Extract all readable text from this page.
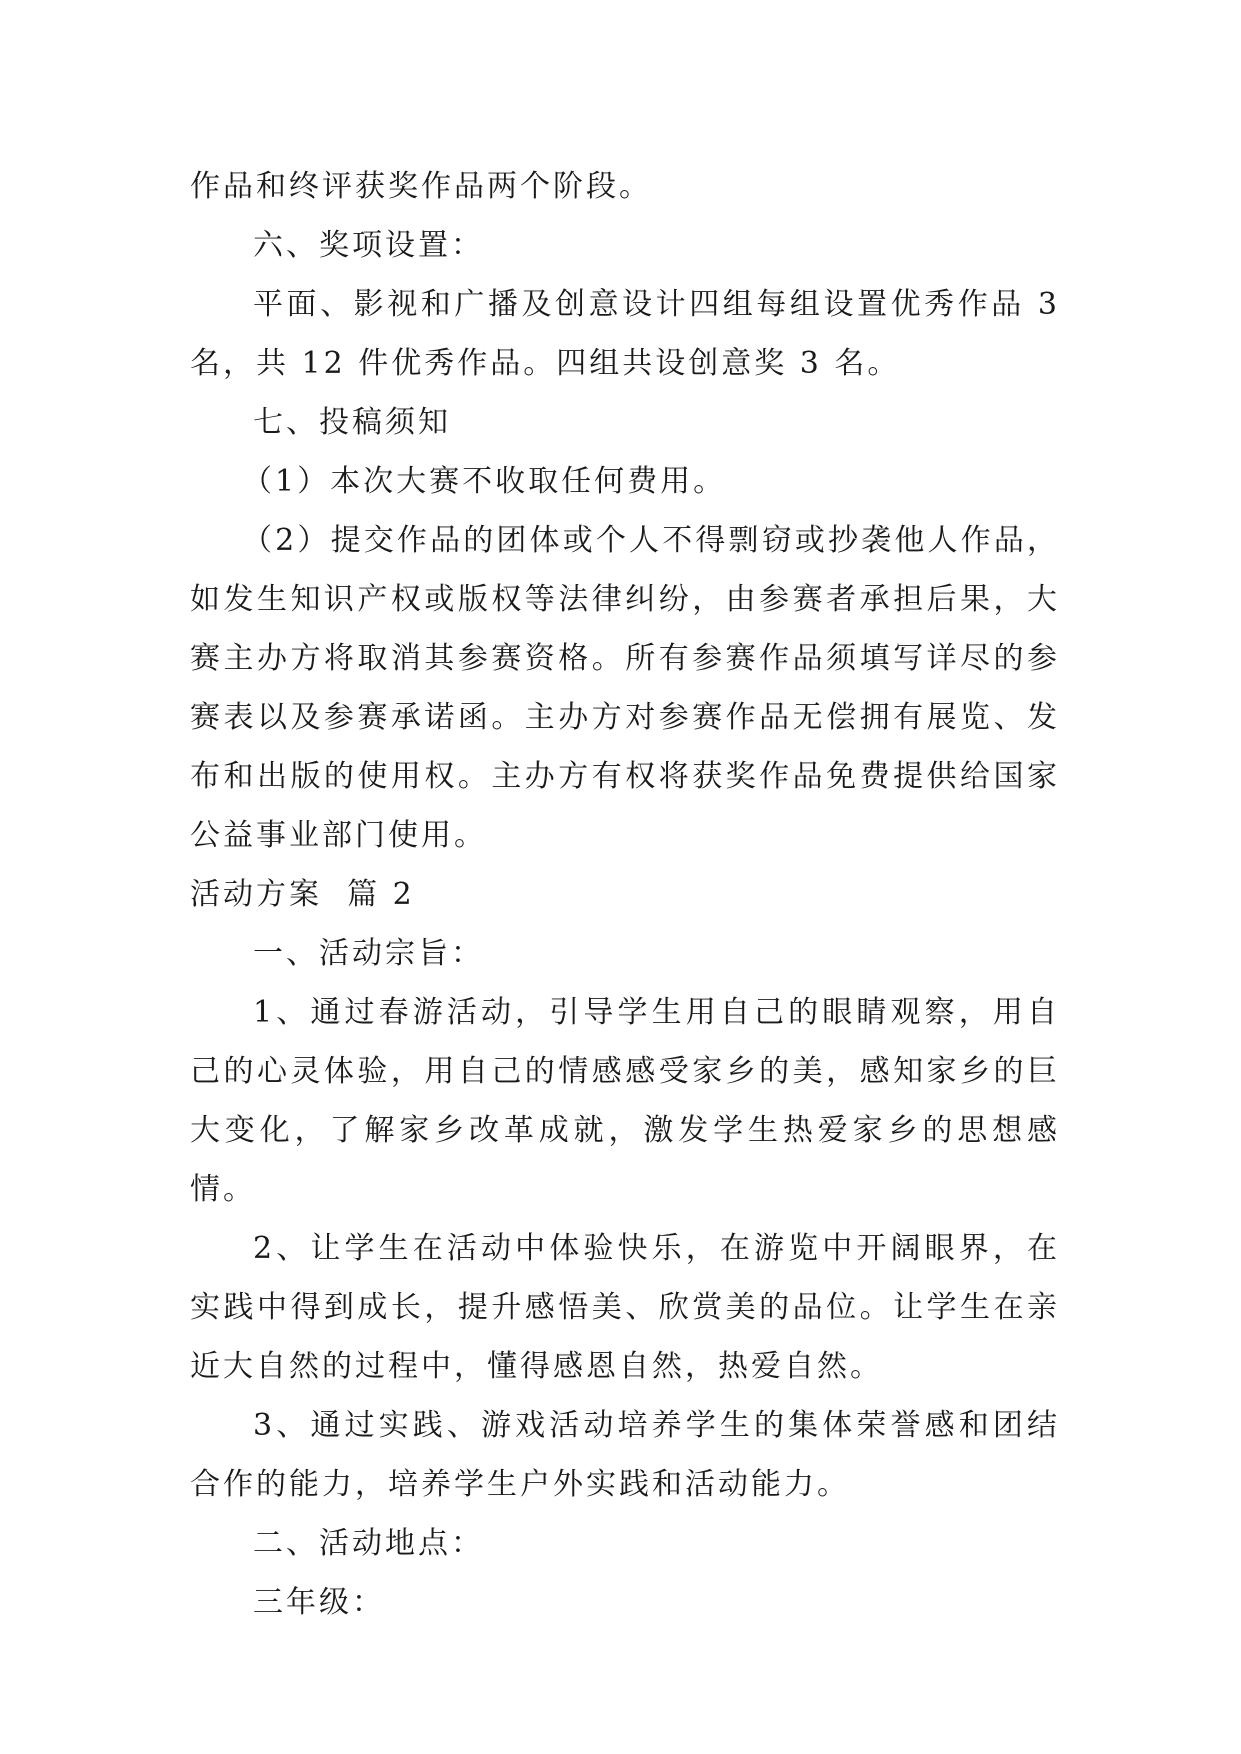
作品和终评获奖作品两个阶段。

六、奖项设置：

平面、影视和广播及创意设计四组每组设置优秀作品 3 名，共 12 件优秀作品。四组共设创意奖 3 名。

七、投稿须知

（1）本次大赛不收取任何费用。

（2）提交作品的团体或个人不得剽窃或抄袭他人作品，如发生知识产权或版权等法律纠纷，由参赛者承担后果，大赛主办方将取消其参赛资格。所有参赛作品须填写详尽的参赛表以及参赛承诺函。主办方对参赛作品无偿拥有展览、发布和出版的使用权。主办方有权将获奖作品免费提供给国家公益事业部门使用。

活动方案  篇 2

一、活动宗旨：

1、通过春游活动，引导学生用自己的眼睛观察，用自己的心灵体验，用自己的情感感受家乡的美，感知家乡的巨大变化，了解家乡改革成就，激发学生热爱家乡的思想感情。

2、让学生在活动中体验快乐，在游览中开阔眼界，在实践中得到成长，提升感悟美、欣赏美的品位。让学生在亲近大自然的过程中，懂得感恩自然，热爱自然。

3、通过实践、游戏活动培养学生的集体荣誉感和团结合作的能力，培养学生户外实践和活动能力。

二、活动地点：

三年级：
